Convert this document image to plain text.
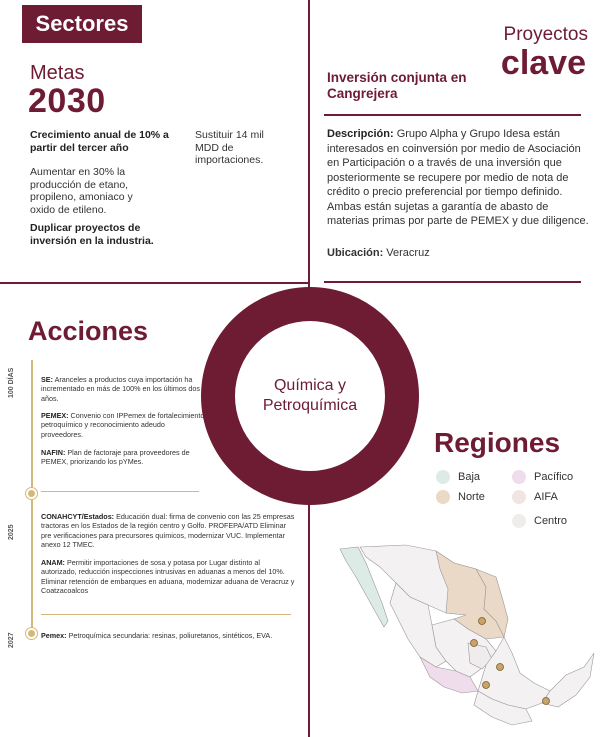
Sectores
Metas
2030
Crecimiento anual de 10% a partir del tercer año
Aumentar en 30% la producción de etano, propileno, amoniaco y oxido de etileno.
Duplicar proyectos de inversión en la industria.
Sustituir 14 mil MDD de importaciones.
Proyectos
clave
Inversión conjunta en Cangrejera
Descripción: Grupo Alpha y Grupo Idesa están interesados en coinversión por medio de Asociación en Participación o a través de una inversión que posteriormente se recupere por medio de nota de crédito o precio preferencial por tiempo definido. Ambas están sujetas a garantía de abasto de materias primas por parte de PEMEX y due diligence.
Ubicación: Veracruz
Química y
Petroquímica
Acciones
100 DÍAS
2025
2027
SE: Aranceles a productos cuya importación ha incrementado en más de 100% en los últimos dos años.
PEMEX: Convenio con IPPemex de fortalecimiento petroquímico y reconocimiento adeudo proveedores.
NAFIN: Plan de factoraje para proveedores de PEMEX, priorizando los pYMes.
CONAHCYT/Estados: Educación dual: firma de convenio con las 25 empresas tractoras en los Estados de la región centro y Golfo. PROFEPA/ATD Eliminar pre verificaciones para precursores químicos, modernizar VUC. Implementar anexo 12 TMEC.
ANAM: Permitir importaciones de sosa y potasa por Lugar distinto al autorizado, reducción inspecciones intrusivas en aduanas a menos del 10%. Eliminar retención de embarques en aduana, modernizar aduana de Veracruz y Coatzacoalcos
Pemex: Petroquímica secundaria: resinas, poliuretanos, sintéticos, EVA.
Regiones
Baja	Pacífico
Norte	AIFA
Centro
